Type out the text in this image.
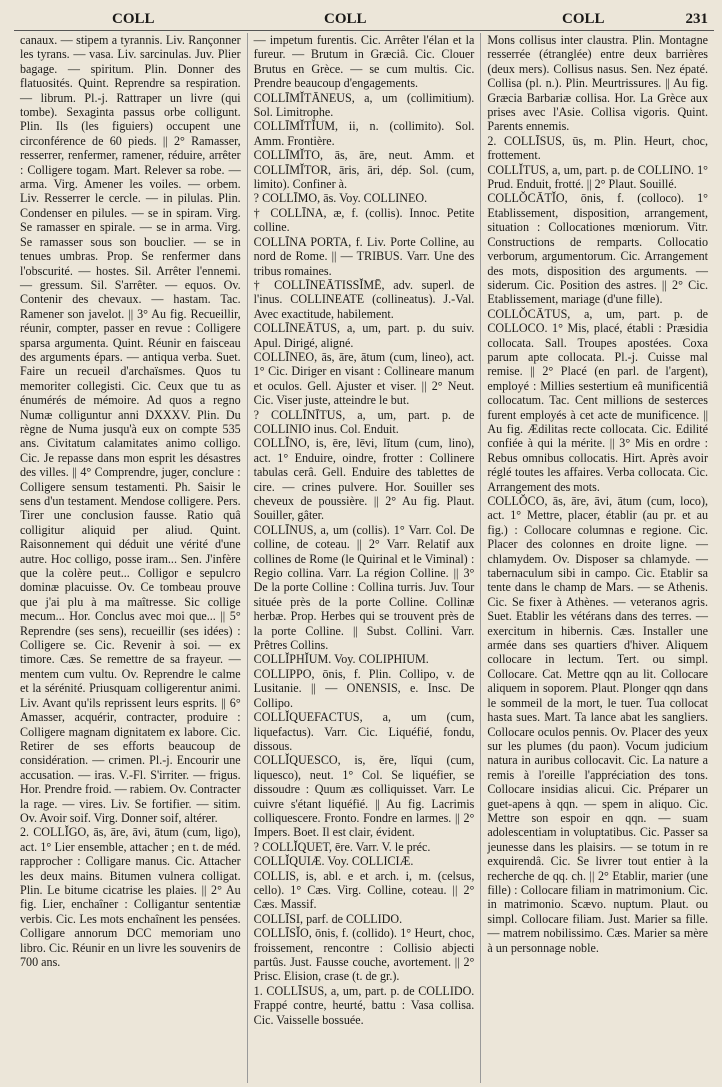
COLL	COLL	COLL	231

canaux. — stipem a tyrannis. Liv. Rançonner les tyrans. — vasa. Liv. sarcinulas. Juv. Plier bagage. — spiritum. Plin. Donner des flatuosités. Quint. Reprendre sa respiration. — librum. Pl.-j. Rattraper un livre (qui tombe). Sexaginta passus orbe colligunt. Plin. Ils (les figuiers) occupent une circonférence de 60 pieds. || 2° Ramasser, resserrer, renfermer, ramener, réduire, arrêter : Colligere togam. Mart. Relever sa robe. — arma. Virg. Amener les voiles. — orbem. Liv. Resserrer le cercle. — in pilulas. Plin. Condenser en pilules. — se in spiram. Virg. Se ramasser en spirale. — se in arma. Virg. Se ramasser sous son bouclier. — se in tenues umbras. Prop. Se renfermer dans l'obscurité. — hostes. Sil. Arrêter l'ennemi. — gressum. Sil. S'arrêter. — equos. Ov. Contenir des chevaux. — hastam. Tac. Ramener son javelot. || 3° Au fig. Recueillir, réunir, compter, passer en revue : Colligere sparsa argumenta. Quint. Réunir en faisceau des arguments épars. — antiqua verba. Suet. Faire un recueil d'archaïsmes. Quos tu memoriter collegisti. Cic. Ceux que tu as énumérés de mémoire. Ad quos a regno Numæ colliguntur anni DXXXV. Plin. Du règne de Numa jusqu'à eux on compte 535 ans. Civitatum calamitates animo colligo. Cic. Je repasse dans mon esprit les désastres des villes. || 4° Comprendre, juger, conclure : Colligere sensum testamenti. Ph. Saisir le sens d'un testament. Mendose colligere. Pers. Tirer une conclusion fausse. Ratio quâ colligitur aliquid per aliud. Quint. Raisonnement qui déduit une vérité d'une autre. Hoc colligo, posse iram... Sen. J'infère que la colère peut... Colligor e sepulcro dominæ placuisse. Ov. Ce tombeau prouve que j'ai plu à ma maîtresse. Sic collige mecum... Hor. Conclus avec moi que... || 5° Reprendre (ses sens), recueillir (ses idées) : Colligere se. Cic. Revenir à soi. — ex timore. Cæs. Se remettre de sa frayeur. — mentem cum vultu. Ov. Reprendre le calme et la sérénité. Priusquam colligerentur animi. Liv. Avant qu'ils reprissent leurs esprits. || 6° Amasser, acquérir, contracter, produire : Colligere magnam dignitatem ex labore. Cic. Retirer de ses efforts beaucoup de considération. — crimen. Pl.-j. Encourir une accusation. — iras. V.-Fl. S'irriter. — frigus. Hor. Prendre froid. — rabiem. Ov. Contracter la rage. — vires. Liv. Se fortifier. — sitim. Ov. Avoir soif. Virg. Donner soif, altérer.

2. COLLĬGO, ās, āre, āvi, ātum (cum, ligo), act. 1° Lier ensemble, attacher ; en t. de méd. rapprocher : Colligare manus. Cic. Attacher les deux mains. Bitumen vulnera colligat. Plin. Le bitume cicatrise les plaies. || 2° Au fig. Lier, enchaîner : Colligantur sententiæ verbis. Cic. Les mots enchaînent les pensées. Colligare annorum DCC memoriam uno libro. Cic. Réunir en un livre les souvenirs de 700 ans.

— impetum furentis. Cic. Arrêter l'élan et la fureur. — Brutum in Græciâ. Cic. Clouer Brutus en Grèce. — se cum multis. Cic. Prendre beaucoup d'engagements.

COLLĪMĬTĀNEUS, a, um (collimitium). Sol. Limitrophe.

COLLĪMĬTĬUM, ii, n. (collimito). Sol. Amm. Frontière.

COLLĪMĬTO, ās, āre, neut. Amm. et COLLĪMĬTOR, āris, āri, dép. Sol. (cum, limito). Confiner à.

? COLLĪMO, ās. Voy. COLLINEO.

† COLLĪNA, æ, f. (collis). Innoc. Petite colline.

COLLĪNA PORTA, f. Liv. Porte Colline, au nord de Rome. || — TRIBUS. Varr. Une des tribus romaines.

† COLLĪNEĀTISSĬMĒ, adv. superl. de l'inus. COLLINEATE (collineatus). J.-Val. Avec exactitude, habilement.

COLLĪNEĀTUS, a, um, part. p. du suiv. Apul. Dirigé, aligné.

COLLĪNEO, ās, āre, ātum (cum, lineo), act. 1° Cic. Diriger en visant : Collineare manum et oculos. Gell. Ajuster et viser. || 2° Neut. Cic. Viser juste, atteindre le but.

? COLLĪNĪTUS, a, um, part. p. de COLLINIO inus. Col. Enduit.

COLLĬNO, is, ēre, lēvi, lĭtum (cum, lino), act. 1° Enduire, oindre, frotter : Collinere tabulas cerâ. Gell. Enduire des tablettes de cire. — crines pulvere. Hor. Souiller ses cheveux de poussière. || 2° Au fig. Plaut. Souiller, gâter.

COLLĪNUS, a, um (collis). 1° Varr. Col. De colline, de coteau. || 2° Varr. Relatif aux collines de Rome (le Quirinal et le Viminal) : Regio collina. Varr. La région Colline. || 3° De la porte Colline : Collina turris. Juv. Tour située près de la porte Colline. Collinæ herbæ. Prop. Herbes qui se trouvent près de la porte Colline. || Subst. Collini. Varr. Prêtres Collins.

COLLĬPHĬUM. Voy. COLIPHIUM.

COLLIPPO, ōnis, f. Plin. Collipo, v. de Lusitanie. || — ONENSIS, e. Insc. De Collipo.

COLLĬQUEFACTUS, a, um (cum, liquefactus). Varr. Cic. Liquéfié, fondu, dissous.

COLLĬQUESCO, is, ĕre, lĭqui (cum, liquesco), neut. 1° Col. Se liquéfier, se dissoudre : Quum æs colliquisset. Varr. Le cuivre s'étant liquéfié. || Au fig. Lacrimis colliquescere. Fronto. Fondre en larmes. || 2° Impers. Boet. Il est clair, évident.

? COLLĬQUET, ēre. Varr. V. le préc.

COLLĬQUIÆ. Voy. COLLICIÆ.

COLLIS, is, abl. e et arch. i, m. (celsus, cello). 1° Cæs. Virg. Colline, coteau. || 2° Cæs. Massif.

COLLĪSI, parf. de COLLIDO.

COLLĪSĬO, ōnis, f. (collido). 1° Heurt, choc, froissement, rencontre : Collisio abjecti partûs. Just. Fausse couche, avortement. || 2° Prisc. Elision, crase (t. de gr.).

1. COLLĪSUS, a, um, part. p. de COLLIDO. Frappé contre, heurté, battu : Vasa collisa. Cic. Vaisselle bossuée.

Mons collisus inter claustra. Plin. Montagne resserrée (étranglée) entre deux barrières (deux mers). Collisus nasus. Sen. Nez épaté. Collisa (pl. n.). Plin. Meurtrissures. || Au fig. Græcia Barbariæ collisa. Hor. La Grèce aux prises avec l'Asie. Collisa vigoris. Quint. Parents ennemis.

2. COLLĪSUS, ūs, m. Plin. Heurt, choc, frottement.

COLLĬTUS, a, um, part. p. de COLLINO. 1° Prud. Enduit, frotté. || 2° Plaut. Souillé.

COLLŎCĀTĬO, ōnis, f. (colloco). 1° Etablissement, disposition, arrangement, situation : Collocationes mœniorum. Vitr. Constructions de remparts. Collocatio verborum, argumentorum. Cic. Arrangement des mots, disposition des arguments. — siderum. Cic. Position des astres. || 2° Cic. Etablissement, mariage (d'une fille).

COLLŎCĀTUS, a, um, part. p. de COLLOCO. 1° Mis, placé, établi : Præsidia collocata. Sall. Troupes apostées. Coxa parum apte collocata. Pl.-j. Cuisse mal remise. || 2° Placé (en parl. de l'argent), employé : Millies sestertium eâ munificentiâ collocatum. Tac. Cent millions de sesterces furent employés à cet acte de munificence. || Au fig. Ædilitas recte collocata. Cic. Edilité confiée à qui la mérite. || 3° Mis en ordre : Rebus omnibus collocatis. Hirt. Après avoir réglé toutes les affaires. Verba collocata. Cic. Arrangement des mots.

COLLŎCO, ās, āre, āvi, ātum (cum, loco), act. 1° Mettre, placer, établir (au pr. et au fig.) : Collocare columnas e regione. Cic. Placer des colonnes en droite ligne. — chlamydem. Ov. Disposer sa chlamyde. — tabernaculum sibi in campo. Cic. Etablir sa tente dans le champ de Mars. — se Athenis. Cic. Se fixer à Athènes. — veteranos agris. Suet. Etablir les vétérans dans des terres. — exercitum in hibernis. Cæs. Installer une armée dans ses quartiers d'hiver. Aliquem collocare in lectum. Tert. ou simpl. Collocare. Cat. Mettre qqn au lit. Collocare aliquem in soporem. Plaut. Plonger qqn dans le sommeil de la mort, le tuer. Tua collocat hasta sues. Mart. Ta lance abat les sangliers. Collocare oculos pennis. Ov. Placer des yeux sur les plumes (du paon). Vocum judicium natura in auribus collocavit. Cic. La nature a remis à l'oreille l'appréciation des tons. Collocare insidias alicui. Cic. Préparer un guet-apens à qqn. — spem in aliquo. Cic. Mettre son espoir en qqn. — suam adolescentiam in voluptatibus. Cic. Passer sa jeunesse dans les plaisirs. — se totum in re exquirendâ. Cic. Se livrer tout entier à la recherche de qq. ch. || 2° Etablir, marier (une fille) : Collocare filiam in matrimonium. Cic. in matrimonio. Scævo. nuptum. Plaut. ou simpl. Collocare filiam. Just. Marier sa fille. — matrem nobilissimo. Cæs. Marier sa mère à un personnage noble.
